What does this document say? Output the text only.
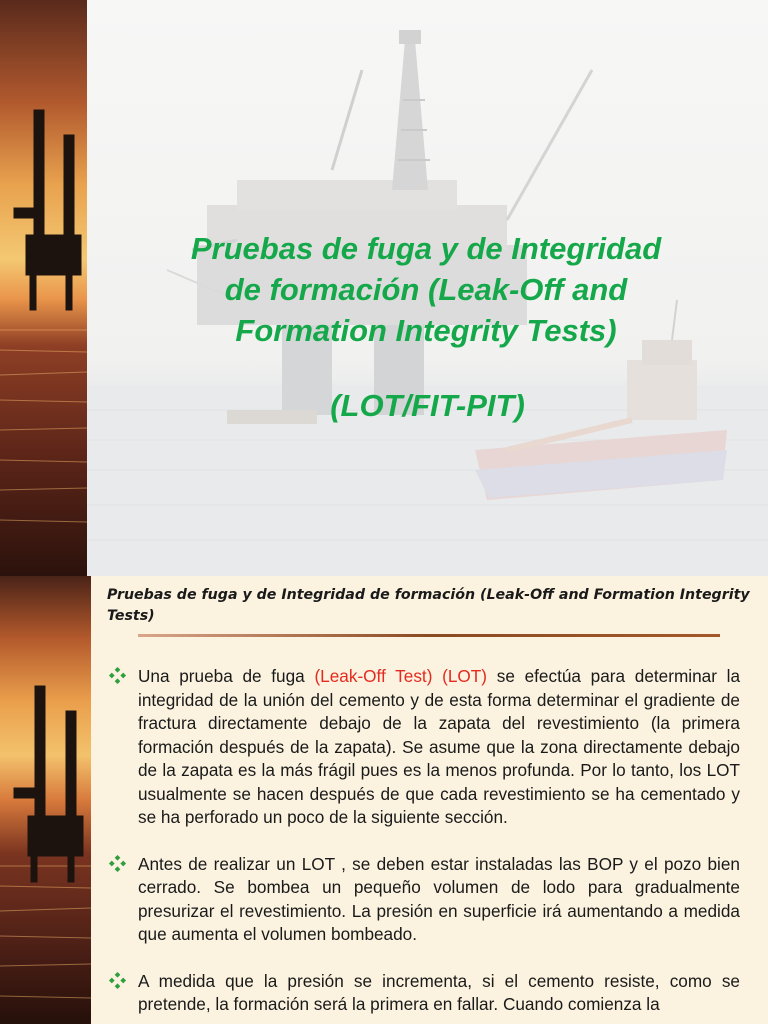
Pruebas de fuga y de Integridad
de formación (Leak-Off and
Formation Integrity Tests)
(LOT/FIT-PIT)
Pruebas de fuga y de Integridad de formación (Leak-Off and Formation Integrity Tests)
Una prueba de fuga (Leak-Off Test) (LOT) se efectúa para determinar la integridad de la unión del cemento y de esta forma determinar el gradiente de fractura directamente debajo de la zapata del revestimiento (la primera formación después de la zapata). Se asume que la zona directamente debajo de la zapata es la más frágil pues es la menos profunda. Por lo tanto, los LOT usualmente se hacen después de que cada revestimiento se ha cementado y se ha perforado un poco de la siguiente sección.
Antes de realizar un LOT , se deben estar instaladas las BOP y el pozo bien cerrado. Se bombea un pequeño volumen de lodo para gradualmente presurizar el revestimiento. La presión en superficie irá aumentando a medida que aumenta el volumen bombeado.
A medida que la presión se incrementa, si el cemento resiste, como se pretende, la formación será la primera en fallar. Cuando comienza la
